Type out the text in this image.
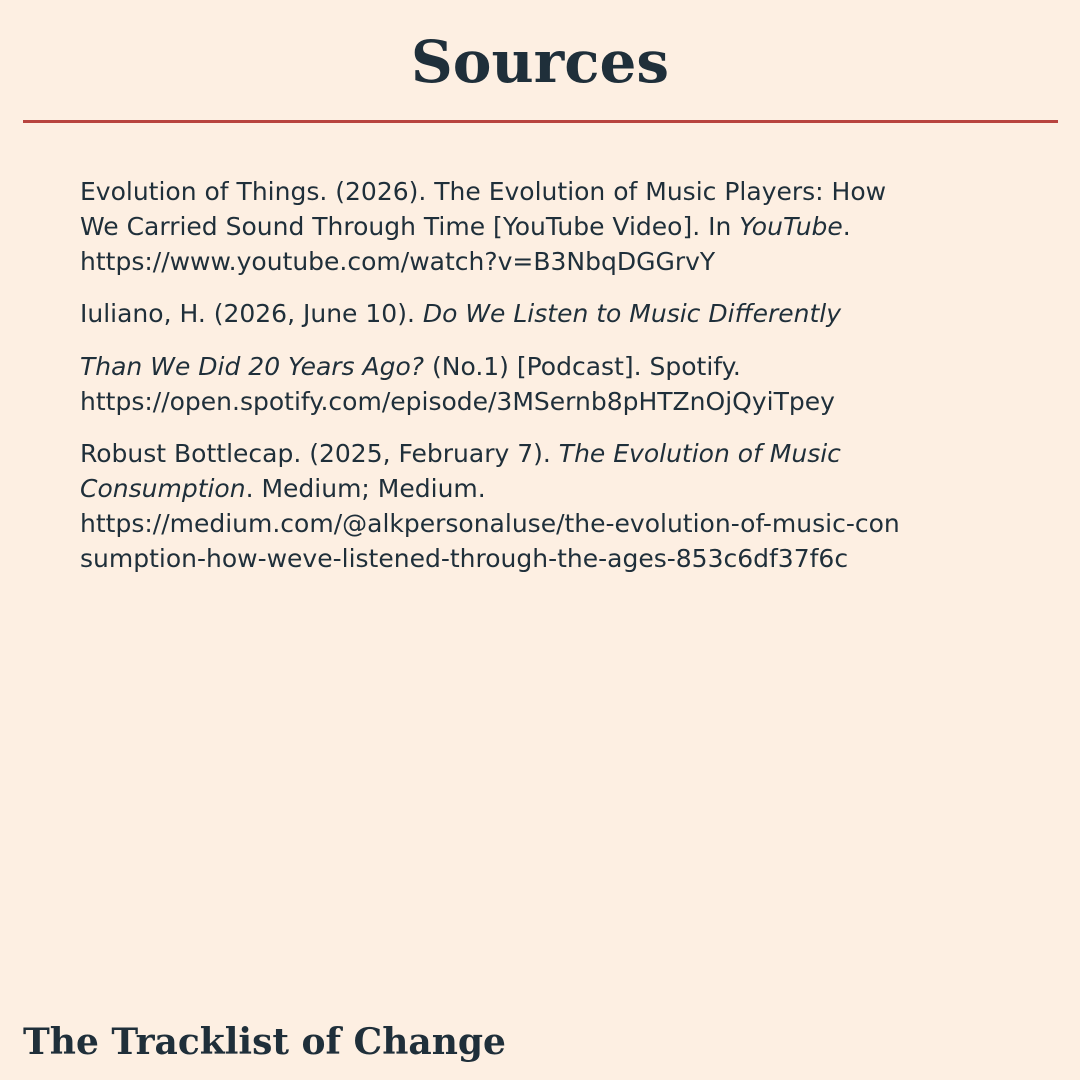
Sources
Evolution of Things. (2026). The Evolution of Music Players: How
We Carried Sound Through Time [YouTube Video]. In YouTube.
https://www.youtube.com/watch?v=B3NbqDGGrvY
Iuliano, H. (2026, June 10). Do We Listen to Music Differently
Than We Did 20 Years Ago? (No.1) [Podcast]. Spotify.
https://open.spotify.com/episode/3MSernb8pHTZnOjQyiTpey
Robust Bottlecap. (2025, February 7). The Evolution of Music
Consumption. Medium; Medium.
https://medium.com/@alkpersonaluse/the-evolution-of-music-con
sumption-how-weve-listened-through-the-ages-853c6df37f6c
The Tracklist of Change
